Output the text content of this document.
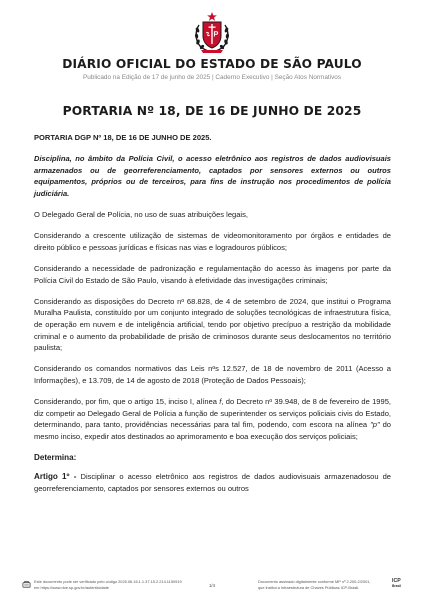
DIÁRIO OFICIAL DO ESTADO DE SÃO PAULO
Publicado na Edição de 17 de junho de 2025 | Caderno Executivo | Seção Atos Normativos
PORTARIA Nº 18, DE 16 DE JUNHO DE 2025

PORTARIA DGP Nº 18, DE 16 DE JUNHO DE 2025.

Disciplina, no âmbito da Polícia Civil, o acesso eletrônico aos registros de dados audiovisuais armazenados ou de georreferenciamento, captados por sensores externos ou outros equipamentos, próprios ou de terceiros, para fins de instrução nos procedimentos de polícia judiciária.

O Delegado Geral de Polícia, no uso de suas atribuições legais,

Considerando a crescente utilização de sistemas de videomonitoramento por órgãos e entidades de direito público e pessoas jurídicas e físicas nas vias e logradouros públicos;

Considerando a necessidade de padronização e regulamentação do acesso às imagens por parte da Polícia Civil do Estado de São Paulo, visando à efetividade das investigações criminais;

Considerando as disposições do Decreto nº 68.828, de 4 de setembro de 2024, que institui o Programa Muralha Paulista, constituído por um conjunto integrado de soluções tecnológicas de infraestrutura física, de operação em nuvem e de inteligência artificial, tendo por objetivo precípuo a restrição da mobilidade criminal e o aumento da probabilidade de prisão de criminosos durante seus deslocamentos no território paulista;

Considerando os comandos normativos das Leis nºs 12.527, de 18 de novembro de 2011 (Acesso a Informações), e 13.709, de 14 de agosto de 2018 (Proteção de Dados Pessoais);

Considerando, por fim, que o artigo 15, inciso I, alínea f, do Decreto nº 39.948, de 8 de fevereiro de 1995, diz competir ao Delegado Geral de Polícia a função de superintender os serviços policiais civis do Estado, determinando, para tanto, providências necessárias para tal fim, podendo, com escora na alínea "p" do mesmo inciso, expedir atos destinados ao aprimoramento e boa execução dos serviços policiais;

Determina:

Artigo 1º - Disciplinar o acesso eletrônico aos registros de dados audiovisuais armazenadosou de georreferenciamento, captados por sensores externos ou outros

Este documento pode ser verificado pelo código 2025.06.16.1.1.37.15.2.214.1150919
em https://www.doe.sp.gov.br/autenticidade	1/4
Documento assinado digitalmente conforme MP nº 2.200-2/2001,
que institui a Infraestrutura de Chaves Públicas ICP-Brasil.
ICP
Brasil
